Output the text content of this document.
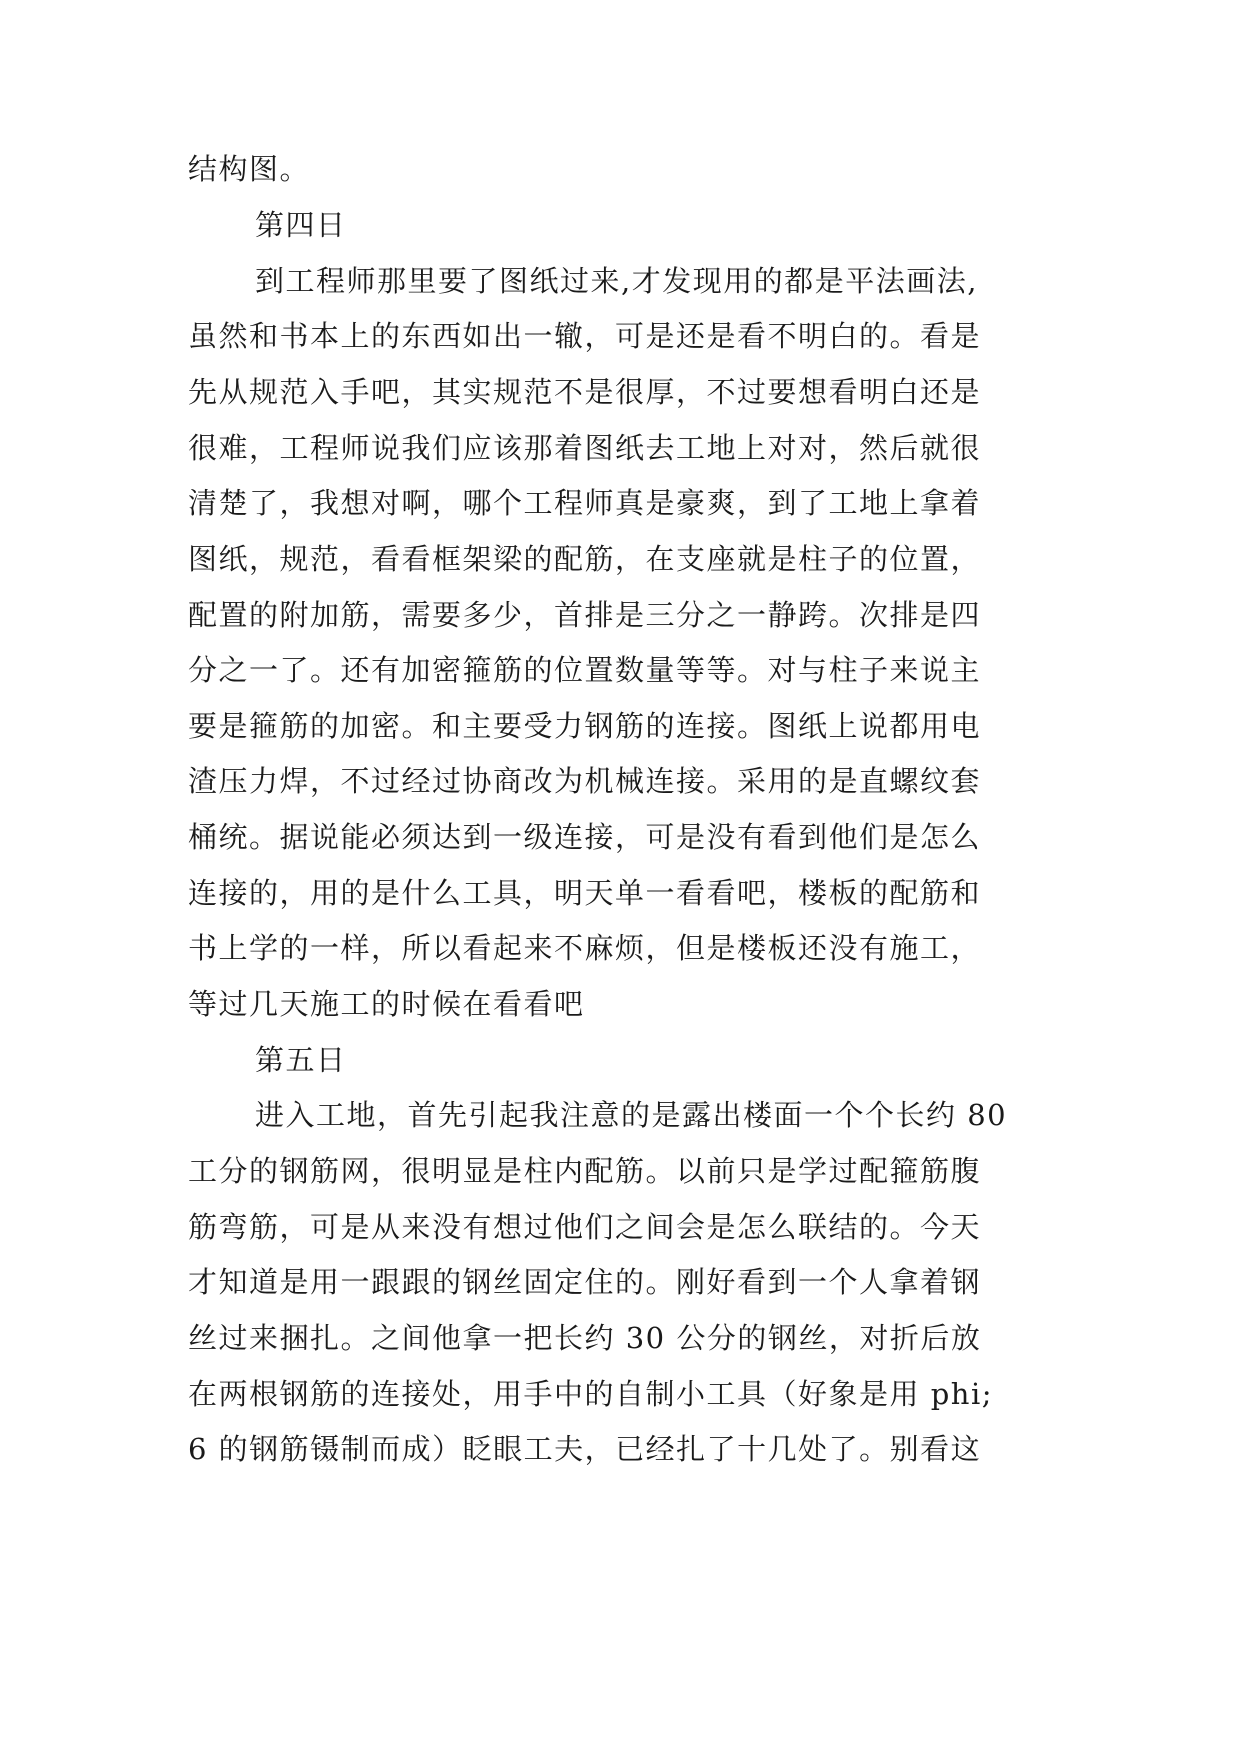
结构图。

第四日

到工程师那里要了图纸过来,才发现用的都是平法画法,

虽然和书本上的东西如出一辙，可是还是看不明白的。看是

先从规范入手吧，其实规范不是很厚，不过要想看明白还是

很难，工程师说我们应该那着图纸去工地上对对，然后就很

清楚了，我想对啊，哪个工程师真是豪爽，到了工地上拿着

图纸，规范，看看框架梁的配筋，在支座就是柱子的位置，

配置的附加筋，需要多少，首排是三分之一静跨。次排是四

分之一了。还有加密箍筋的位置数量等等。对与柱子来说主

要是箍筋的加密。和主要受力钢筋的连接。图纸上说都用电

渣压力焊，不过经过协商改为机械连接。采用的是直螺纹套

桶统。据说能必须达到一级连接，可是没有看到他们是怎么

连接的，用的是什么工具，明天单一看看吧，楼板的配筋和

书上学的一样，所以看起来不麻烦，但是楼板还没有施工，

等过几天施工的时候在看看吧

第五日

进入工地，首先引起我注意的是露出楼面一个个长约 80

工分的钢筋网，很明显是柱内配筋。以前只是学过配箍筋腹

筋弯筋，可是从来没有想过他们之间会是怎么联结的。今天

才知道是用一跟跟的钢丝固定住的。刚好看到一个人拿着钢

丝过来捆扎。之间他拿一把长约 30 公分的钢丝，对折后放

在两根钢筋的连接处，用手中的自制小工具（好象是用 phi;

6 的钢筋镊制而成）眨眼工夫，已经扎了十几处了。别看这
